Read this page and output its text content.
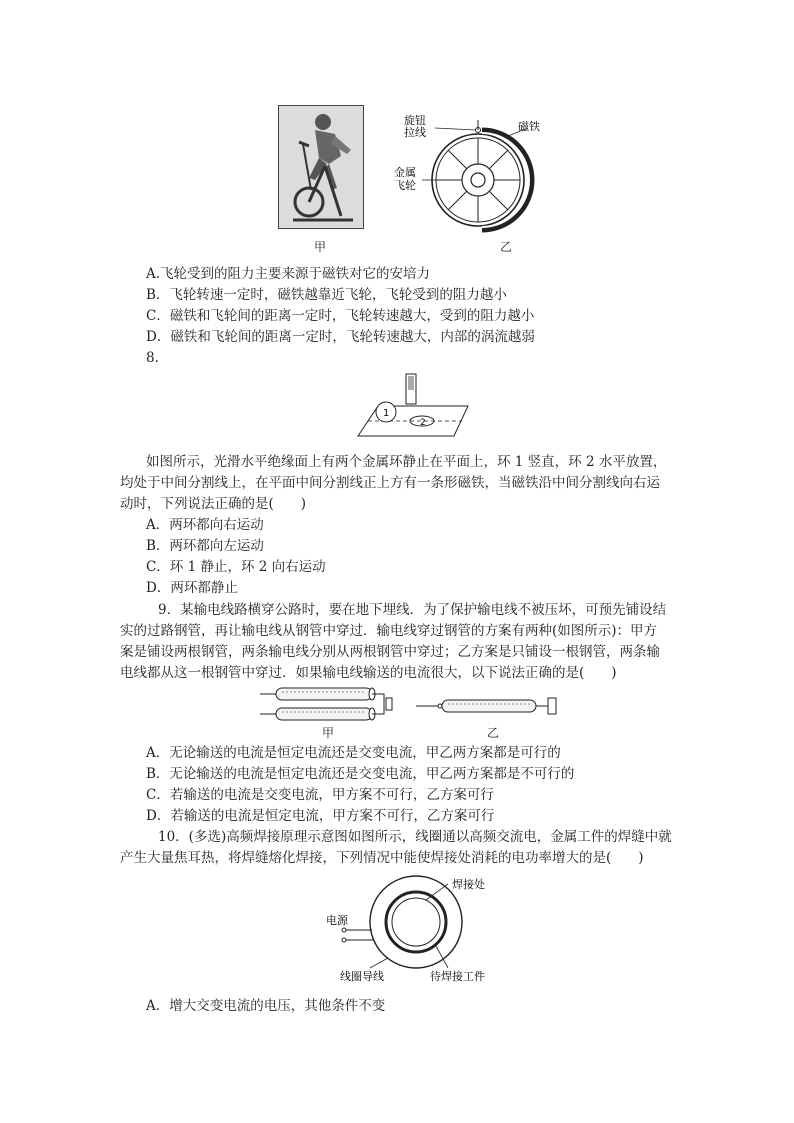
甲
旋钮
拉线	磁铁
金属
飞轮
乙
A.飞轮受到的阻力主要来源于磁铁对它的安培力
B．飞轮转速一定时，磁铁越靠近飞轮，飞轮受到的阻力越小
C．磁铁和飞轮间的距离一定时，飞轮转速越大，受到的阻力越小
D．磁铁和飞轮间的距离一定时，飞轮转速越大，内部的涡流越弱
8.
1
2
如图所示，光滑水平绝缘面上有两个金属环静止在平面上，环 1 竖直，环 2 水平放置，
均处于中间分割线上，在平面中间分割线正上方有一条形磁铁，当磁铁沿中间分割线向右运
动时，下列说法正确的是(　　)
A．两环都向右运动
B．两环都向左运动
C．环 1 静止，环 2 向右运动
D．两环都静止
9．某输电线路横穿公路时，要在地下埋线．为了保护输电线不被压坏，可预先铺设结
实的过路钢管，再让输电线从钢管中穿过．输电线穿过钢管的方案有两种(如图所示)：甲方
案是铺设两根钢管，两条输电线分别从两根钢管中穿过；乙方案是只铺设一根钢管，两条输
电线都从这一根钢管中穿过．如果输电线输送的电流很大，以下说法正确的是(　　)
甲	乙
A．无论输送的电流是恒定电流还是交变电流，甲乙两方案都是可行的
B．无论输送的电流是恒定电流还是交变电流，甲乙两方案都是不可行的
C．若输送的电流是交变电流，甲方案不可行，乙方案可行
D．若输送的电流是恒定电流，甲方案不可行，乙方案可行
10．(多选)高频焊接原理示意图如图所示，线圈通以高频交流电，金属工件的焊缝中就
产生大量焦耳热，将焊缝熔化焊接，下列情况中能使焊接处消耗的电功率增大的是(　　)
焊接处
电源
线圈导线	待焊接工件
A．增大交变电流的电压，其他条件不变
